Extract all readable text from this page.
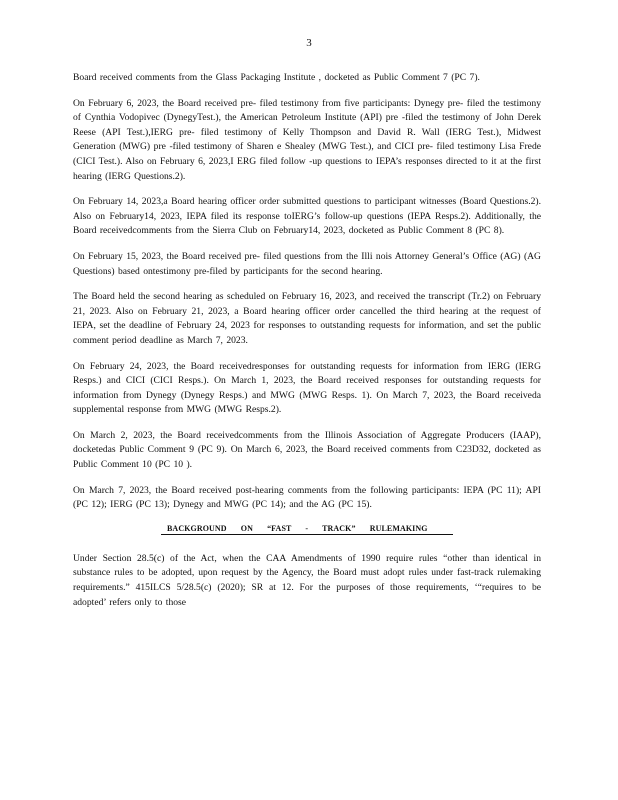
3

Board received comments from the Glass Packaging Institute , docketed as Public Comment 7 (PC 7).

On February 6, 2023, the Board received pre- filed testimony from five participants: Dynegy pre- filed the testimony of Cynthia Vodopivec (DynegyTest.), the American Petroleum Institute (API) pre -filed the testimony of John Derek Reese (API Test.),IERG pre- filed testimony of Kelly Thompson and David R. Wall (IERG Test.), Midwest Generation (MWG) pre -filed testimony of Sharen e Shealey (MWG Test.), and CICI pre- filed testimony Lisa Frede (CICI Test.). Also on February 6, 2023,I ERG filed follow -up questions to IEPA’s responses directed to it at the first hearing (IERG Questions.2).

On February 14, 2023,a Board hearing officer order submitted questions to participant witnesses (Board Questions.2). Also on February14, 2023, IEPA filed its response toIERG’s follow-up questions (IEPA Resps.2). Additionally, the Board receivedcomments from the Sierra Club on February14, 2023, docketed as Public Comment 8 (PC 8).

On February 15, 2023, the Board received pre- filed questions from the Illi nois Attorney General’s Office (AG) (AG Questions) based ontestimony pre-filed by participants for the second hearing.

The Board held the second hearing as scheduled on February 16, 2023, and received the transcript (Tr.2) on February 21, 2023. Also on February 21, 2023, a Board hearing officer order cancelled the third hearing at the request of IEPA, set the deadline of February 24, 2023 for responses to outstanding requests for information, and set the public comment period deadline as March 7, 2023.

On February 24, 2023, the Board receivedresponses for outstanding requests for information from IERG (IERG Resps.) and CICI (CICI Resps.). On March 1, 2023, the Board received responses for outstanding requests for information from Dynegy (Dynegy Resps.) and MWG (MWG Resps. 1). On March 7, 2023, the Board receiveda supplemental response from MWG (MWG Resps.2).

On March 2, 2023, the Board receivedcomments from the Illinois Association of Aggregate Producers (IAAP), docketedas Public Comment 9 (PC 9). On March 6, 2023, the Board received comments from C23D32, docketed as Public Comment 10 (PC 10 ).

On March 7, 2023, the Board received post-hearing comments from the following participants: IEPA (PC 11); API (PC 12); IERG (PC 13); Dynegy and MWG (PC 14); and the AG (PC 15).

BACKGROUND ON “FAST - TRACK” RULEMAKING

Under Section 28.5(c) of the Act, when the CAA Amendments of 1990 require rules “other than identical in substance rules to be adopted, upon request by the Agency, the Board must adopt rules under fast-track rulemaking requirements.” 415ILCS 5/28.5(c) (2020); SR at 12. For the purposes of those requirements, ‘“requires to be adopted’ refers only to those
